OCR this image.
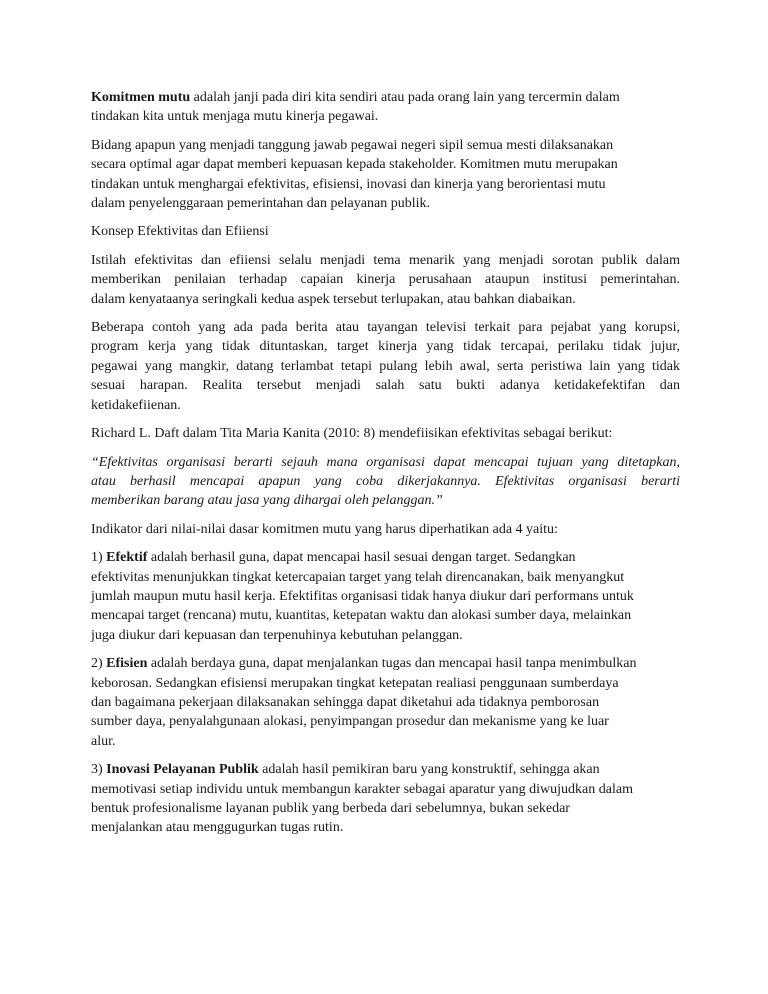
Komitmen mutu adalah janji pada diri kita sendiri atau pada orang lain yang tercermin dalam
tindakan kita untuk menjaga mutu kinerja pegawai.

Bidang apapun yang menjadi tanggung jawab pegawai negeri sipil semua mesti dilaksanakan
secara optimal agar dapat memberi kepuasan kepada stakeholder. Komitmen mutu merupakan
tindakan untuk menghargai efektivitas, efisiensi, inovasi dan kinerja yang berorientasi mutu
dalam penyelenggaraan pemerintahan dan pelayanan publik.

Konsep Efektivitas dan Efiiensi

Istilah efektivitas dan efiiensi selalu menjadi tema menarik yang menjadi sorotan publik dalam
memberikan penilaian terhadap capaian kinerja perusahaan ataupun institusi pemerintahan.
dalam kenyataanya seringkali kedua aspek tersebut terlupakan, atau bahkan diabaikan.

Beberapa contoh yang ada pada berita atau tayangan televisi terkait para pejabat yang korupsi,
program kerja yang tidak dituntaskan, target kinerja yang tidak tercapai, perilaku tidak jujur,
pegawai yang mangkir, datang terlambat tetapi pulang lebih awal, serta peristiwa lain yang tidak
sesuai harapan. Realita tersebut menjadi salah satu bukti adanya ketidakefektifan dan
ketidakefiienan.

Richard L. Daft dalam Tita Maria Kanita (2010: 8) mendefiisikan efektivitas sebagai berikut:

“Efektivitas organisasi berarti sejauh mana organisasi dapat mencapai tujuan yang ditetapkan,
atau berhasil mencapai apapun yang coba dikerjakannya. Efektivitas organisasi berarti
memberikan barang atau jasa yang dihargai oleh pelanggan.”

Indikator dari nilai-nilai dasar komitmen mutu yang harus diperhatikan ada 4 yaitu:

1) Efektif adalah berhasil guna, dapat mencapai hasil sesuai dengan target. Sedangkan
efektivitas menunjukkan tingkat ketercapaian target yang telah direncanakan, baik menyangkut
jumlah maupun mutu hasil kerja. Efektifitas organisasi tidak hanya diukur dari performans untuk
mencapai target (rencana) mutu, kuantitas, ketepatan waktu dan alokasi sumber daya, melainkan
juga diukur dari kepuasan dan terpenuhinya kebutuhan pelanggan.

2) Efisien adalah berdaya guna, dapat menjalankan tugas dan mencapai hasil tanpa menimbulkan
keborosan. Sedangkan efisiensi merupakan tingkat ketepatan realiasi penggunaan sumberdaya
dan bagaimana pekerjaan dilaksanakan sehingga dapat diketahui ada tidaknya pemborosan
sumber daya, penyalahgunaan alokasi, penyimpangan prosedur dan mekanisme yang ke luar
alur.

3) Inovasi Pelayanan Publik adalah hasil pemikiran baru yang konstruktif, sehingga akan
memotivasi setiap individu untuk membangun karakter sebagai aparatur yang diwujudkan dalam
bentuk profesionalisme layanan publik yang berbeda dari sebelumnya, bukan sekedar
menjalankan atau menggugurkan tugas rutin.
